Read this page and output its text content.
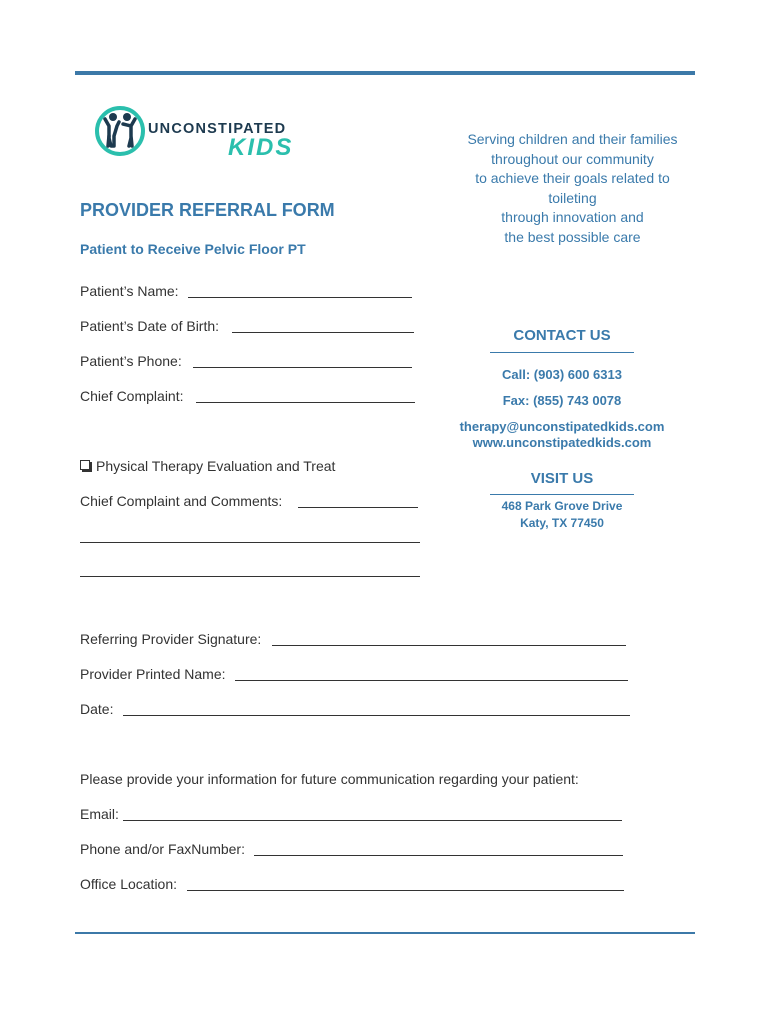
UNCONSTIPATED
KIDS
PROVIDER REFERRAL FORM
Patient to Receive Pelvic Floor PT
Patient’s Name:
Patient’s Date of Birth:
Patient’s Phone:
Chief Complaint:
Physical Therapy Evaluation and Treat
Chief Complaint and Comments:
Referring Provider Signature:
Provider Printed Name:
Date:
Please provide your information for future communication regarding your patient:
Email:
Phone and/or FaxNumber:
Office Location:
Serving children and their families
throughout our community
to achieve their goals related to
toileting
through innovation and
the best possible care
CONTACT US
Call: (903) 600 6313
Fax: (855) 743 0078
therapy@unconstipatedkids.com
www.unconstipatedkids.com
VISIT US
468 Park Grove Drive
Katy, TX 77450
